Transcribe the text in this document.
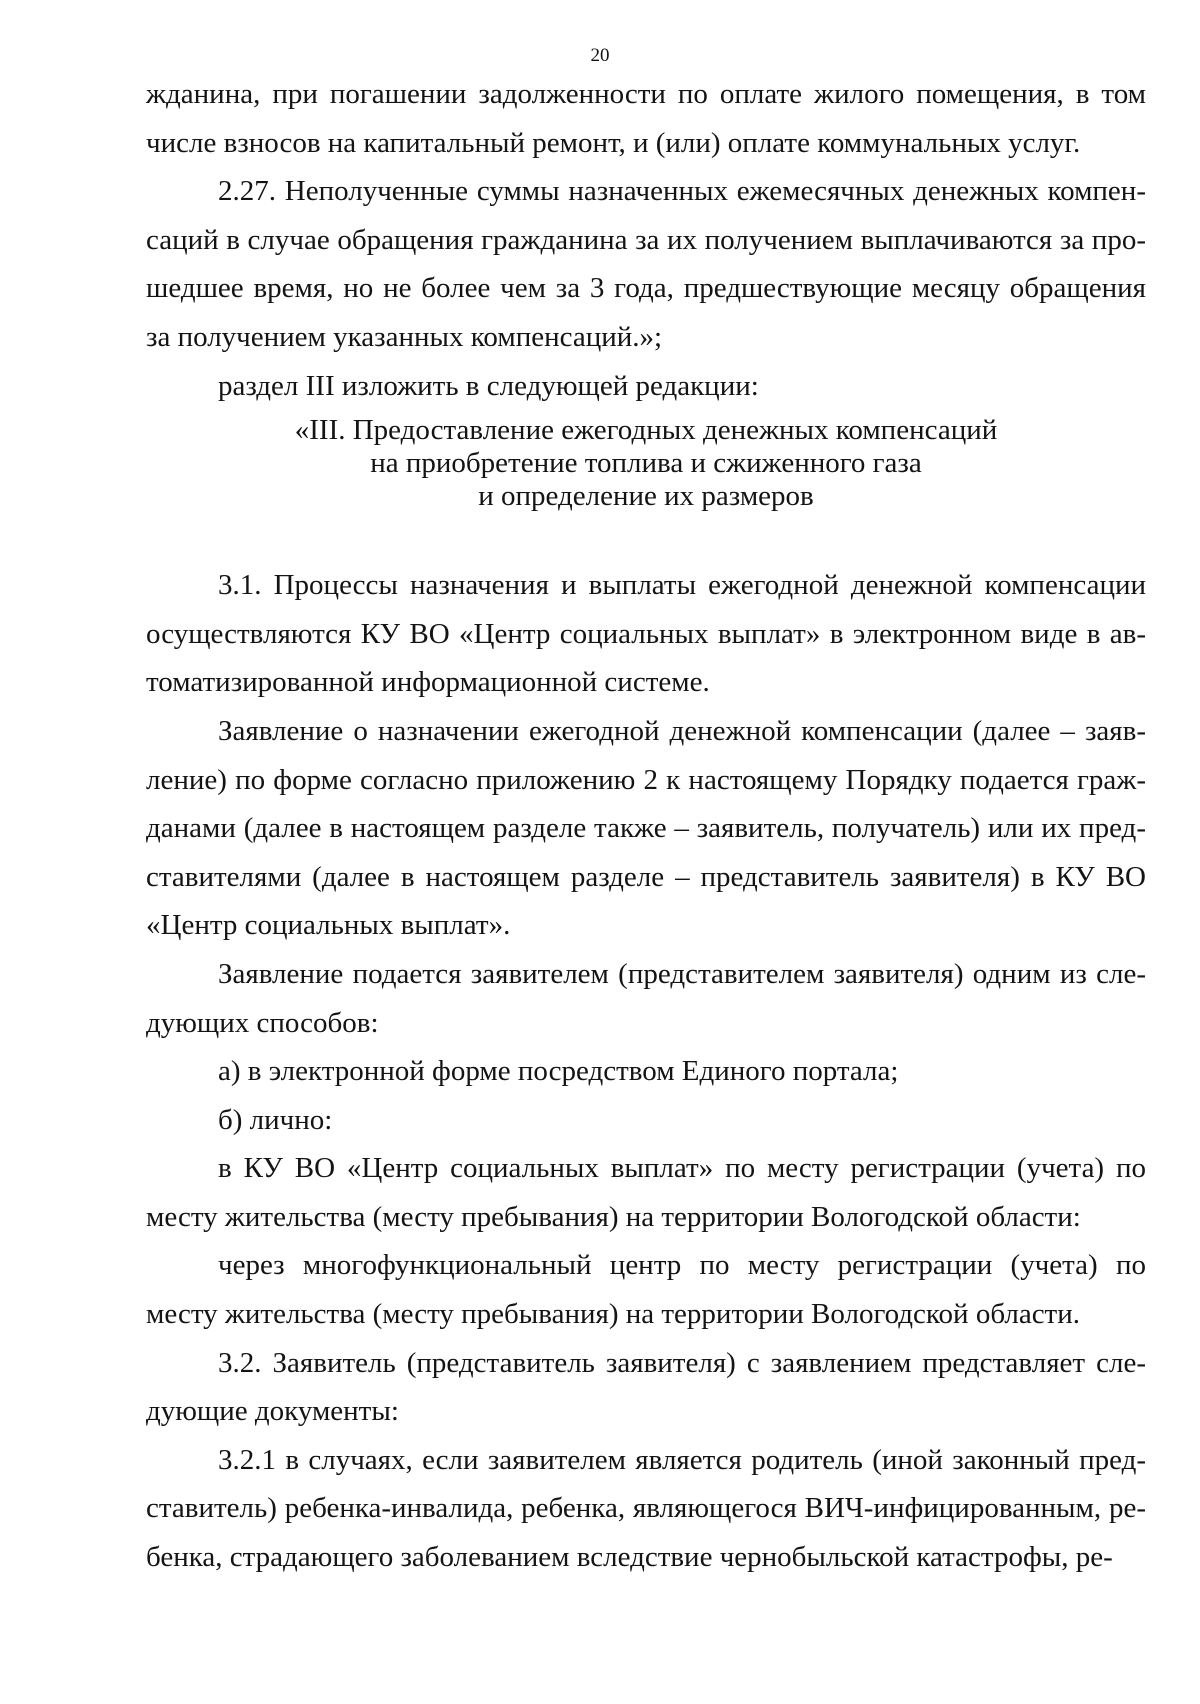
20

жданина, при погашении задолженности по оплате жилого помещения, в том числе взносов на капитальный ремонт, и (или) оплате коммунальных услуг.

2.27. Неполученные суммы назначенных ежемесячных денежных компенсаций в случае обращения гражданина за их получением выплачиваются за прошедшее время, но не более чем за 3 года, предшествующие месяцу обращения за получением указанных компенсаций.»;

раздел III изложить в следующей редакции:

«III. Предоставление ежегодных денежных компенсаций
на приобретение топлива и сжиженного газа
и определение их размеров

3.1. Процессы назначения и выплаты ежегодной денежной компенсации осуществляются КУ ВО «Центр социальных выплат» в электронном виде в автоматизированной информационной системе.

Заявление о назначении ежегодной денежной компенсации (далее – заявление) по форме согласно приложению 2 к настоящему Порядку подается гражданами (далее в настоящем разделе также – заявитель, получатель) или их представителями (далее в настоящем разделе – представитель заявителя) в КУ ВО «Центр социальных выплат».

Заявление подается заявителем (представителем заявителя) одним из следующих способов:

а) в электронной форме посредством Единого портала;

б) лично:

в КУ ВО «Центр социальных выплат» по месту регистрации (учета) по месту жительства (месту пребывания) на территории Вологодской области:

через многофункциональный центр по месту регистрации (учета) по месту жительства (месту пребывания) на территории Вологодской области.

3.2. Заявитель (представитель заявителя) с заявлением представляет следующие документы:

3.2.1 в случаях, если заявителем является родитель (иной законный представитель) ребенка-инвалида, ребенка, являющегося ВИЧ-инфицированным, ребенка, страдающего заболеванием вследствие чернобыльской катастрофы, ре-
